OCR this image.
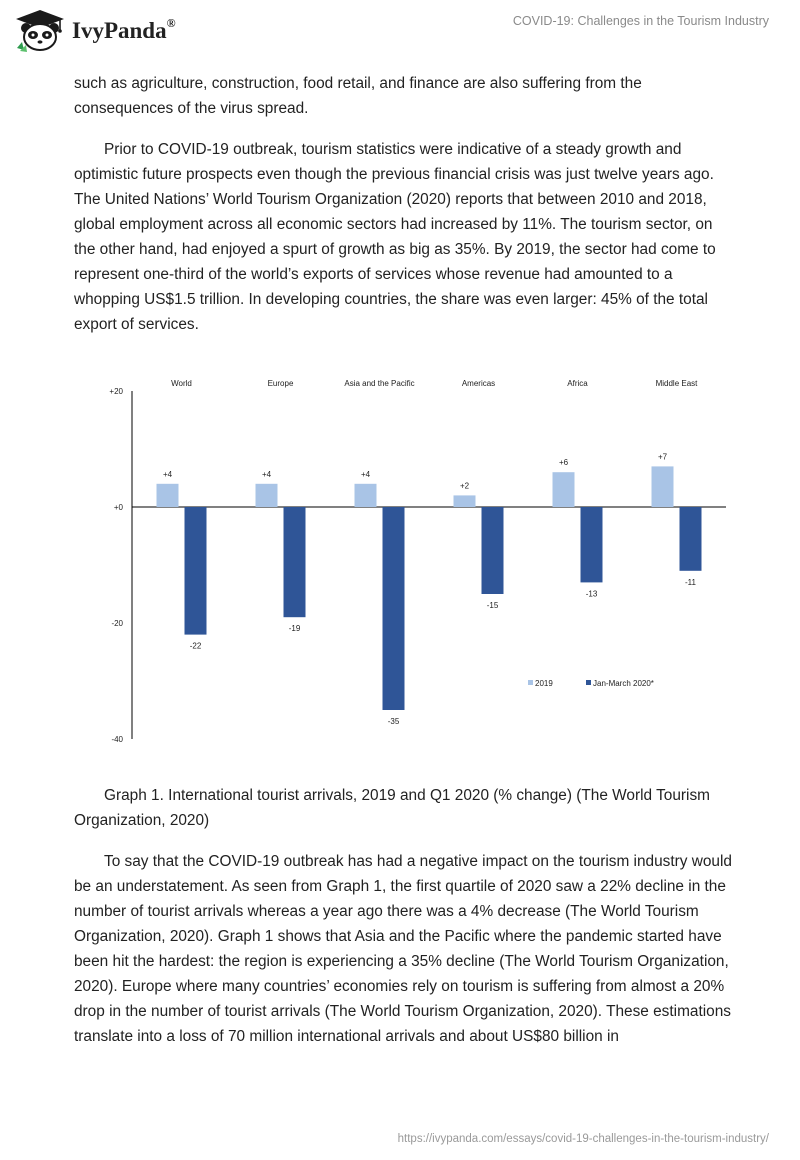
IvyPanda®	COVID-19: Challenges in the Tourism Industry

such as agriculture, construction, food retail, and finance are also suffering from the consequences of the virus spread.

Prior to COVID-19 outbreak, tourism statistics were indicative of a steady growth and optimistic future prospects even though the previous financial crisis was just twelve years ago. The United Nations’ World Tourism Organization (2020) reports that between 2010 and 2018, global employment across all economic sectors had increased by 11%. The tourism sector, on the other hand, had enjoyed a spurt of growth as big as 35%. By 2019, the sector had come to represent one-third of the world’s exports of services whose revenue had amounted to a whopping US$1.5 trillion. In developing countries, the share was even larger: 45% of the total export of services.

+20
+0
-20
-40
World
+4
-22
Europe
+4
-19
Asia and the Pacific
+4
-35
Americas
+2
-15
Africa
+6
-13
Middle East
+7
-11
2019	Jan-March 2020*

Graph 1. International tourist arrivals, 2019 and Q1 2020 (% change) (The World Tourism Organization, 2020)

To say that the COVID-19 outbreak has had a negative impact on the tourism industry would be an understatement. As seen from Graph 1, the first quartile of 2020 saw a 22% decline in the number of tourist arrivals whereas a year ago there was a 4% decrease (The World Tourism Organization, 2020). Graph 1 shows that Asia and the Pacific where the pandemic started have been hit the hardest: the region is experiencing a 35% decline (The World Tourism Organization, 2020). Europe where many countries’ economies rely on tourism is suffering from almost a 20% drop in the number of tourist arrivals (The World Tourism Organization, 2020). These estimations translate into a loss of 70 million international arrivals and about US$80 billion in

https://ivypanda.com/essays/covid-19-challenges-in-the-tourism-industry/
